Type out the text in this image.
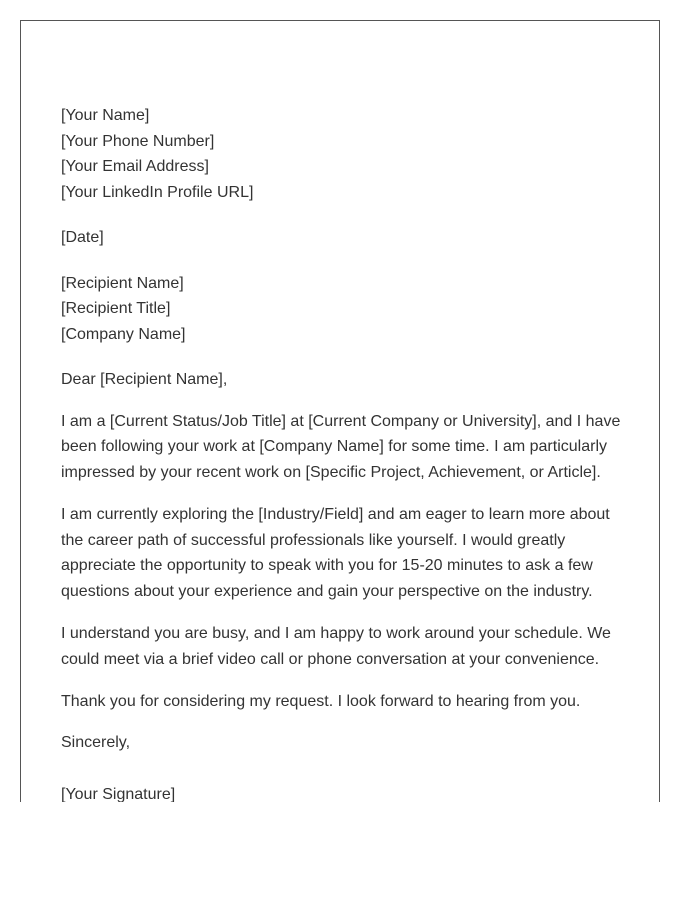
[Your Name]

[Your Phone Number]

[Your Email Address]

[Your LinkedIn Profile URL]

[Date]

[Recipient Name]

[Recipient Title]

[Company Name]

Dear [Recipient Name],

I am a [Current Status/Job Title] at [Current Company or University], and I have been following your work at [Company Name] for some time. I am particularly impressed by your recent work on [Specific Project, Achievement, or Article].

I am currently exploring the [Industry/Field] and am eager to learn more about the career path of successful professionals like yourself. I would greatly appreciate the opportunity to speak with you for 15-20 minutes to ask a few questions about your experience and gain your perspective on the industry.

I understand you are busy, and I am happy to work around your schedule. We could meet via a brief video call or phone conversation at your convenience.

Thank you for considering my request. I look forward to hearing from you.

Sincerely,

[Your Signature]
